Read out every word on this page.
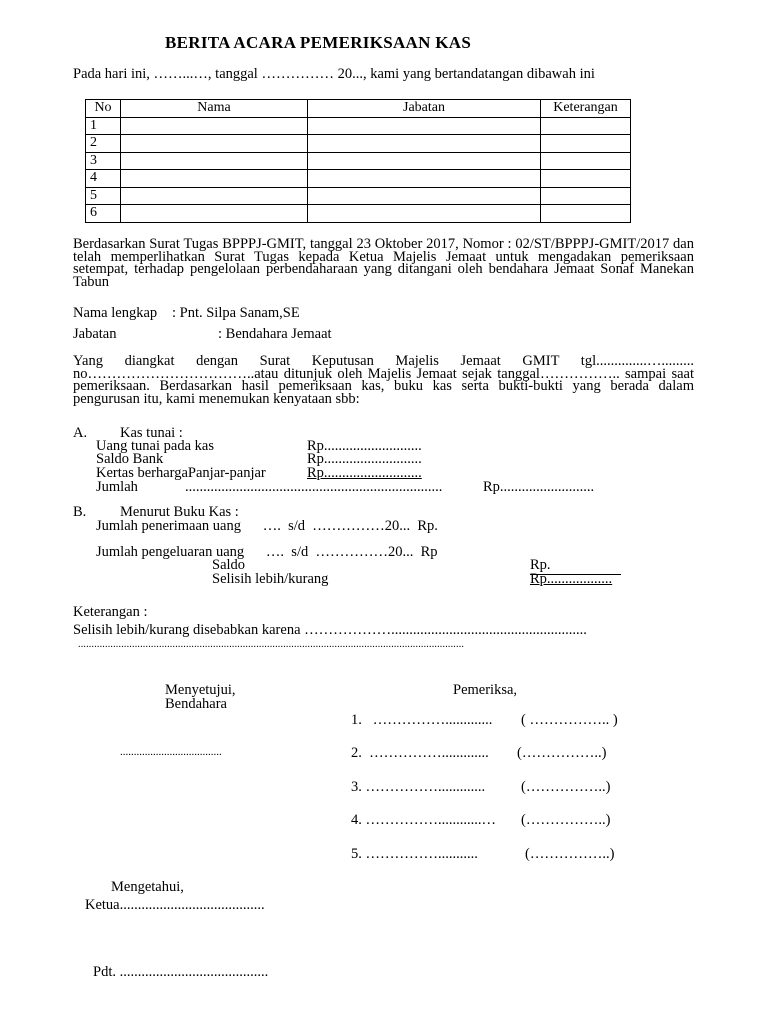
BERITA ACARA PEMERIKSAAN KAS
Pada hari ini, ……...…, tanggal …………… 20..., kami yang bertandatangan dibawah ini
No	Nama	Jabatan	Keterangan
1			
2			
3			
4			
5			
6			
Berdasarkan Surat Tugas BPPPJ-GMIT, tanggal 23 Oktober 2017, Nomor : 02/ST/BPPPJ-GMIT/2017 dan telah memperlihatkan Surat Tugas kepada Ketua Majelis Jemaat untuk mengadakan pemeriksaan setempat, terhadap pengelolaan perbendaharaan yang ditangani oleh bendahara Jemaat Sonaf Manekan Tabun
Nama lengkap : Pnt. Silpa Sanam,SE
Jabatan	: Bendahara Jemaat
Yang diangkat dengan Surat Keputusan Majelis Jemaat GMIT tgl..............…......... no……………………………..atau ditunjuk oleh Majelis Jemaat sejak tanggal…………….. sampai saat pemeriksaan. Berdasarkan hasil pemeriksaan kas, buku kas serta bukti-bukti yang berada dalam pengurusan itu, kami menemukan kenyataan sbb:
A. Kas tunai :
Uang tunai pada kas	Rp...........................
Saldo Bank	Rp...........................
Kertas berhargaPanjar-panjar	Rp...........................
Jumlah	.......................................................................	Rp..........................
B. Menurut Buku Kas :
Jumlah penerimaan uang      ….  s/d  ……………20...  Rp.
Jumlah pengeluaran uang      ….  s/d  ……………20...  Rp
Saldo	Rp.
Selisih lebih/kurang	Rp..................
Keterangan :
Selisih lebih/kurang disebabkan karena ………………......................................................
...............................................................................................................................................
Menyetujui,
Bendahara
.....................................
Pemeriksa,
1.   ……………............. ( …………….. )
2.  ……………............. (……………..)
3. ……………............. (……………..)
4. ……………............… (……………..)
5. ……………...........	(……………..)
Mengetahui,
Ketua........................................
Pdt. .........................................
